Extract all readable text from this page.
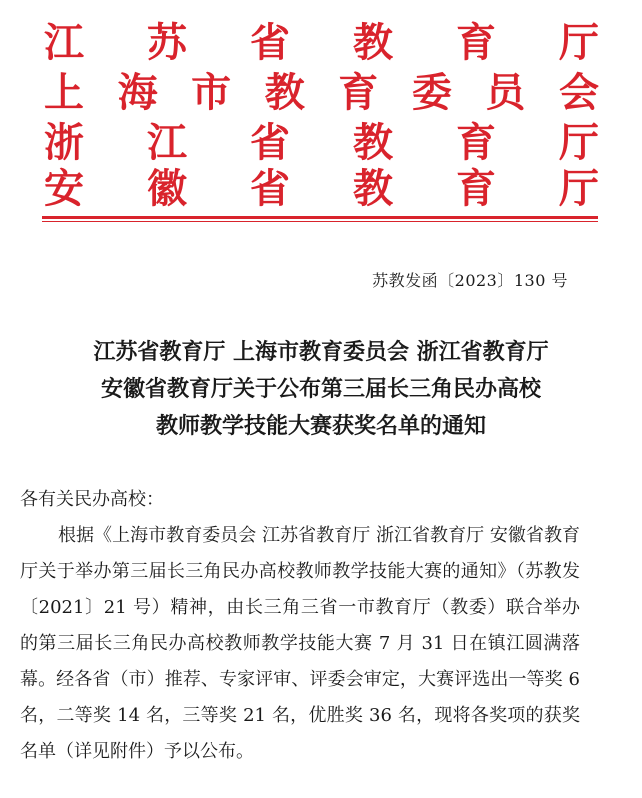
江 苏 省 教 育 厅
上 海 市 教 育 委 员 会
浙 江 省 教 育 厅
安 徽 省 教 育 厅
苏教发函〔2023〕130 号
江苏省教育厅 上海市教育委员会 浙江省教育厅
安徽省教育厅关于公布第三届长三角民办高校
教师教学技能大赛获奖名单的通知
各有关民办高校：
根据《上海市教育委员会 江苏省教育厅 浙江省教育厅 安徽省教育厅关于举办第三届长三角民办高校教师教学技能大赛的通知》（苏教发〔2021〕21 号）精神，由长三角三省一市教育厅（教委）联合举办的第三届长三角民办高校教师教学技能大赛 7 月 31 日在镇江圆满落幕。经各省（市）推荐、专家评审、评委会审定，大赛评选出一等奖 6 名，二等奖 14 名，三等奖 21 名，优胜奖 36 名，现将各奖项的获奖名单（详见附件）予以公布。
